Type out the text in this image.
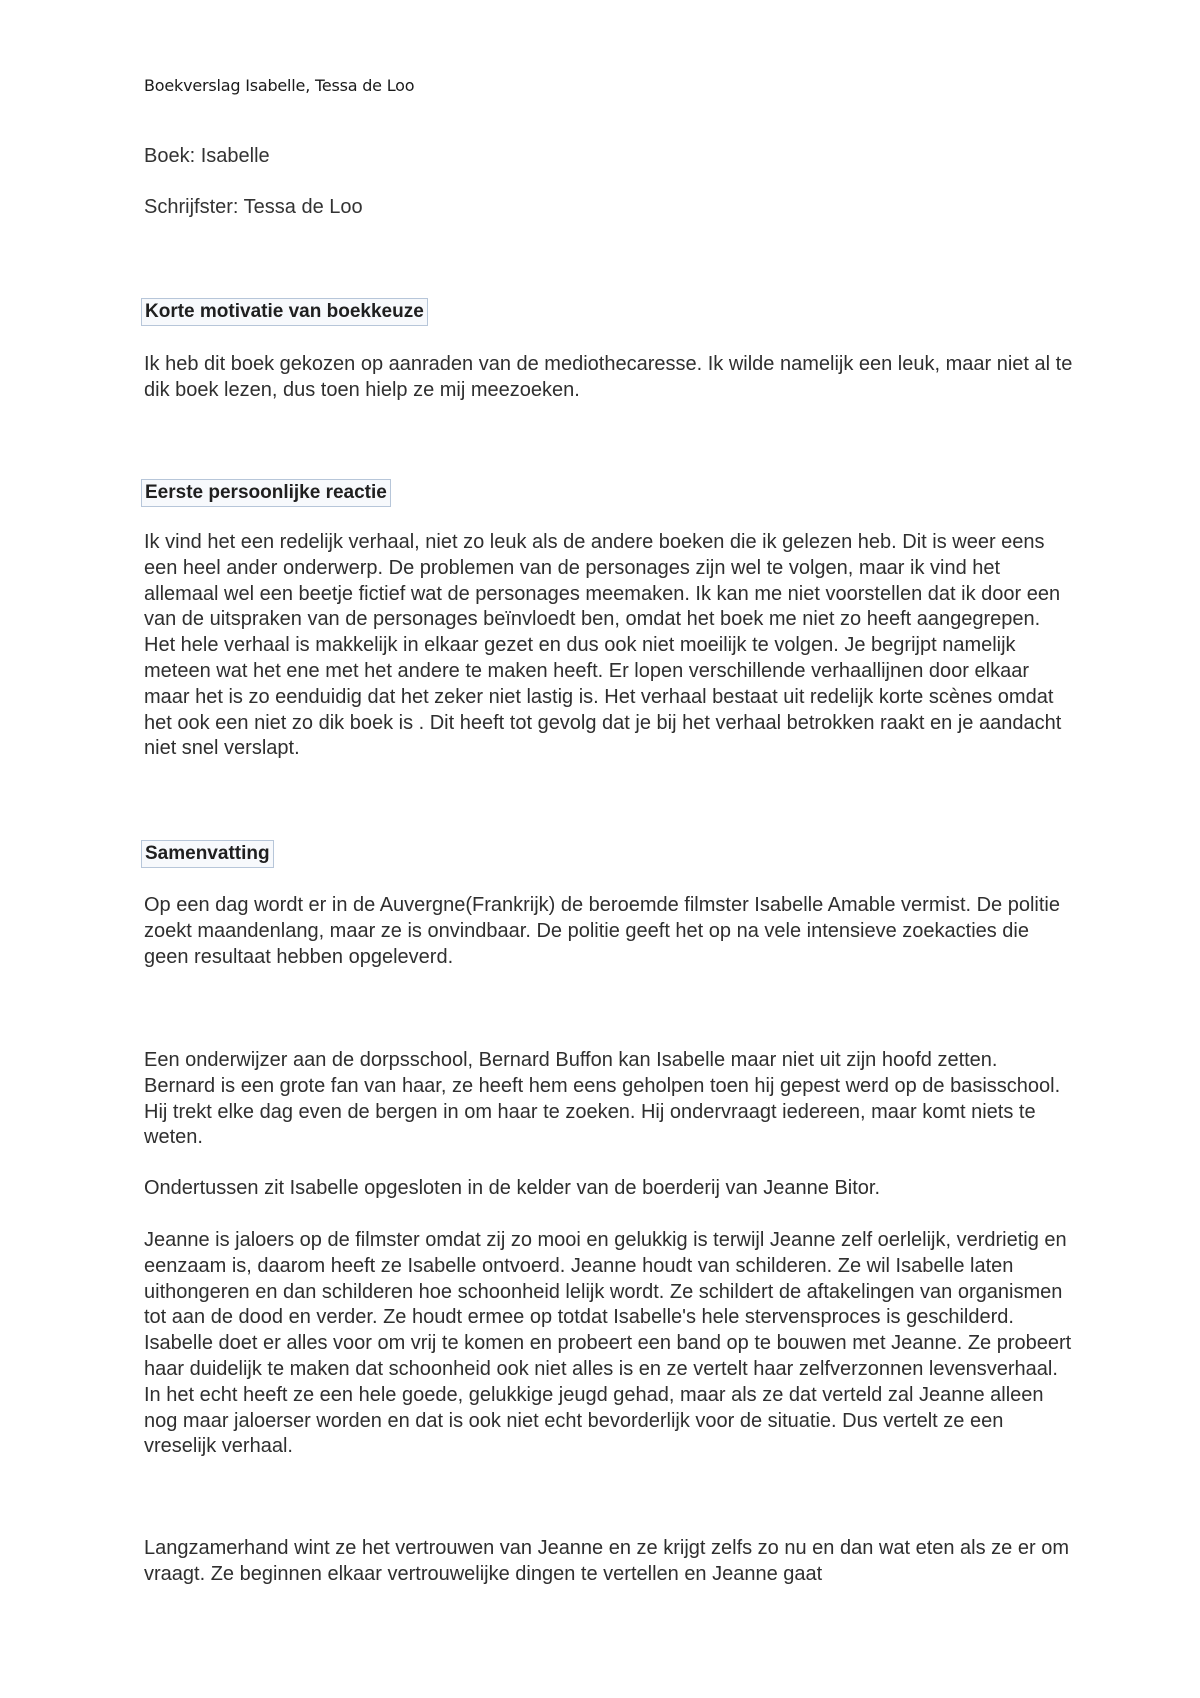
Boekverslag Isabelle, Tessa de Loo
Boek: Isabelle
Schrijfster: Tessa de Loo
Korte motivatie van boekkeuze

Ik heb dit boek gekozen op aanraden van de mediothecaresse. Ik wilde namelijk een leuk, maar niet al te dik boek lezen, dus toen hielp ze mij meezoeken.

Eerste persoonlijke reactie

Ik vind het een redelijk verhaal, niet zo leuk als de andere boeken die ik gelezen heb. Dit is weer eens een heel ander onderwerp. De problemen van de personages zijn wel te volgen, maar ik vind het allemaal wel een beetje fictief wat de personages meemaken. Ik kan me niet voorstellen dat ik door een van de uitspraken van de personages beïnvloedt ben, omdat het boek me niet zo heeft aangegrepen. Het hele verhaal is makkelijk in elkaar gezet en dus ook niet moeilijk te volgen. Je begrijpt namelijk meteen wat het ene met het andere te maken heeft. Er lopen verschillende verhaallijnen door elkaar maar het is zo eenduidig dat het zeker niet lastig is. Het verhaal bestaat uit redelijk korte scènes omdat het ook een niet zo dik boek is . Dit heeft tot gevolg dat je bij het verhaal betrokken raakt en je aandacht niet snel verslapt.

Samenvatting

Op een dag wordt er in de Auvergne(Frankrijk) de beroemde filmster Isabelle Amable vermist. De politie zoekt maandenlang, maar ze is onvindbaar. De politie geeft het op na vele intensieve zoekacties die geen resultaat hebben opgeleverd.

Een onderwijzer aan de dorpsschool, Bernard Buffon kan Isabelle maar niet uit zijn hoofd zetten. Bernard is een grote fan van haar, ze heeft hem eens geholpen toen hij gepest werd op de basisschool. Hij trekt elke dag even de bergen in om haar te zoeken. Hij ondervraagt iedereen, maar komt niets te weten.

Ondertussen zit Isabelle opgesloten in de kelder van de boerderij van Jeanne Bitor.

Jeanne is jaloers op de filmster omdat zij zo mooi en gelukkig is terwijl Jeanne zelf oerlelijk, verdrietig en eenzaam is, daarom heeft ze Isabelle ontvoerd. Jeanne houdt van schilderen. Ze wil Isabelle laten uithongeren en dan schilderen hoe schoonheid lelijk wordt. Ze schildert de aftakelingen van organismen tot aan de dood en verder. Ze houdt ermee op totdat Isabelle's hele stervensproces is geschilderd. Isabelle doet er alles voor om vrij te komen en probeert een band op te bouwen met Jeanne. Ze probeert haar duidelijk te maken dat schoonheid ook niet alles is en ze vertelt haar zelfverzonnen levensverhaal. In het echt heeft ze een hele goede, gelukkige jeugd gehad, maar als ze dat verteld zal Jeanne alleen nog maar jaloerser worden en dat is ook niet echt bevorderlijk voor de situatie. Dus vertelt ze een vreselijk verhaal.

Langzamerhand wint ze het vertrouwen van Jeanne en ze krijgt zelfs zo nu en dan wat eten als ze er om vraagt. Ze beginnen elkaar vertrouwelijke dingen te vertellen en Jeanne gaat
